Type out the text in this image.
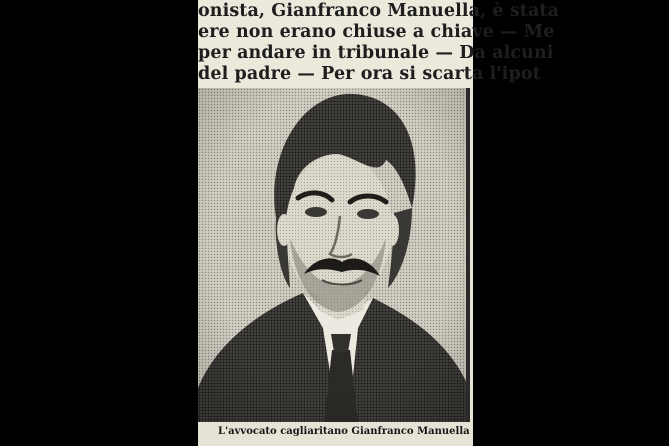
onista, Gianfranco Manuella, è stata
ere non erano chiuse a chiave — Me
per andare in tribunale — Da alcuni
del padre — Per ora si scarta l'ipot
L'avvocato cagliaritano Gianfranco Manuella
